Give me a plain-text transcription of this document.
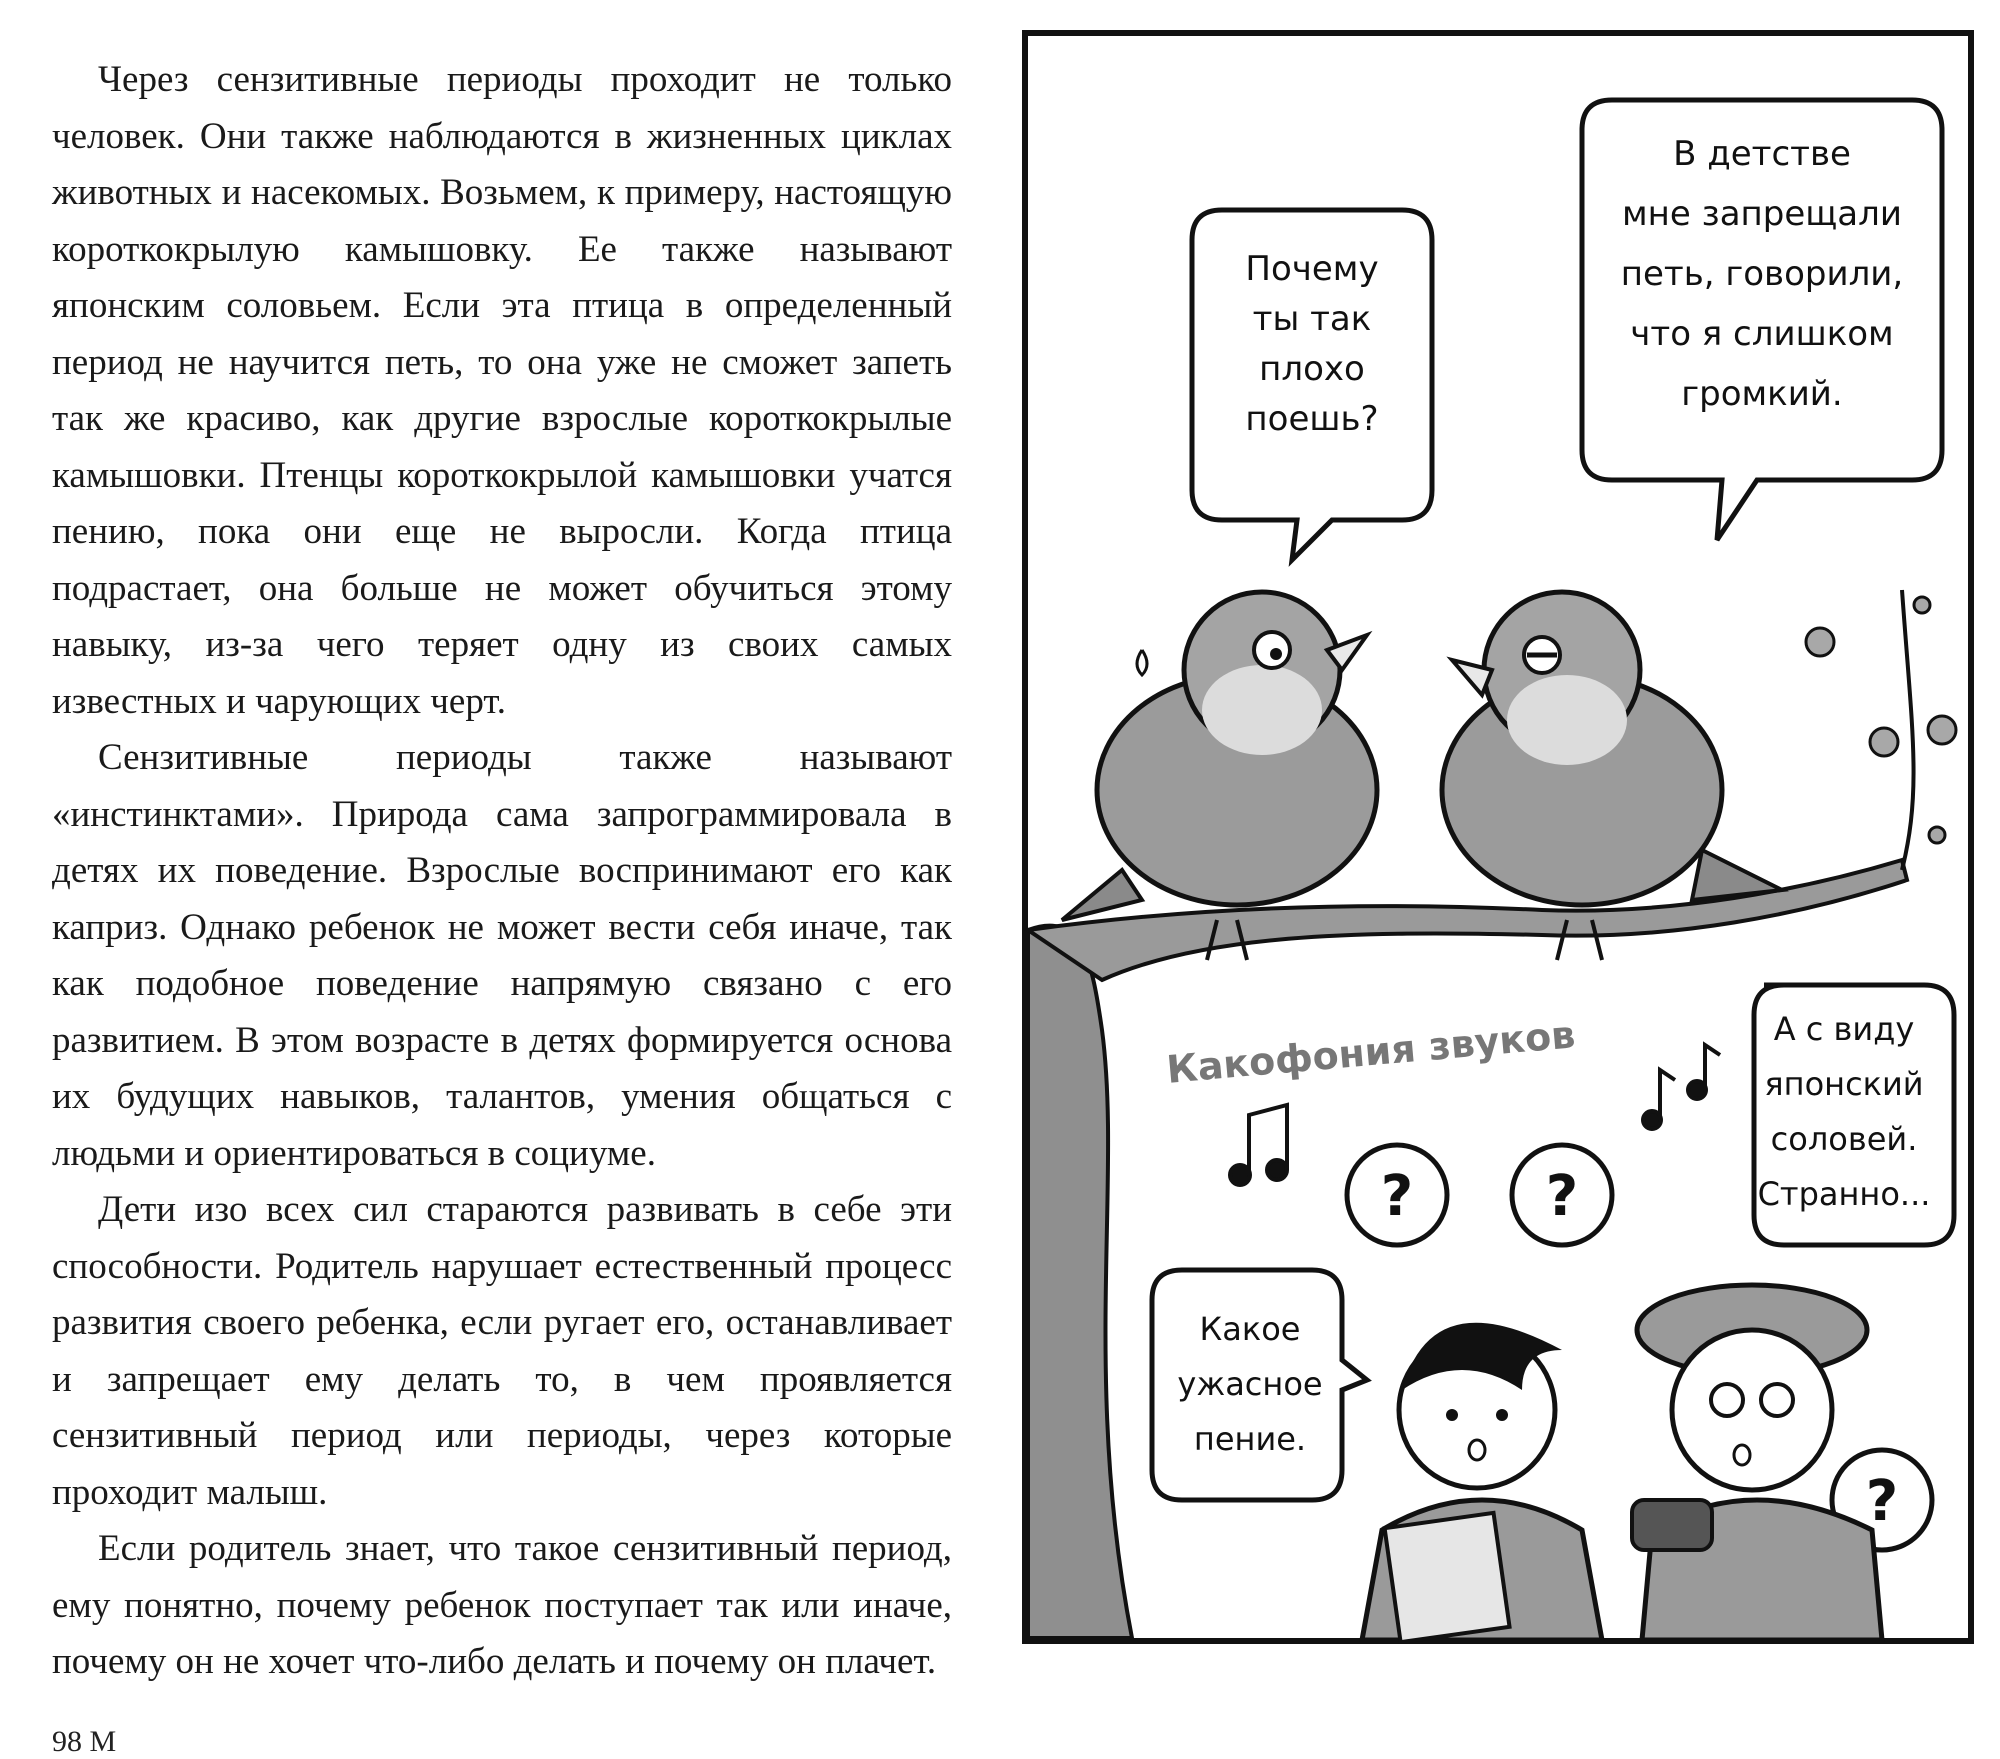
Через сензитивные периоды проходит не только человек. Они также наблюдаются в жизненных циклах животных и насекомых. Возьмем, к примеру, настоящую короткокрылую камышовку. Ее также называют японским соловьем. Если эта птица в определенный период не научится петь, то она уже не сможет запеть так же красиво, как другие взрослые короткокрылые камышовки. Птенцы короткокрылой камышовки учатся пению, пока они еще не выросли. Когда птица подрастает, она больше не может обучиться этому навыку, из-за чего теряет одну из своих самых известных и чарующих черт.

Сензитивные периоды также называют «инстинктами». Природа сама запрограммировала в детях их поведение. Взрослые воспринимают его как каприз. Однако ребенок не может вести себя иначе, так как подобное поведение напрямую связано с его развитием. В этом возрасте в детях формируется основа их будущих навыков, талантов, умения общаться с людьми и ориентироваться в социуме.

Дети изо всех сил стараются развивать в себе эти способности. Родитель нарушает естественный процесс развития своего ребенка, если ругает его, останавливает и запрещает ему делать то, в чем проявляется сензитивный период или периоды, через которые проходит малыш.

Если родитель знает, что такое сензитивный период, ему понятно, почему ребенок поступает так или иначе, почему он не хочет что-либо делать и почему он плачет.

98 М
Почему
ты так
плохо
поешь?
В детстве
мне запрещали
петь, говорили,
что я слишком
громкий.
Какофония звуков
? ?
?
А с виду
японский
соловей.
Странно...
Какое
ужасное
пение.
